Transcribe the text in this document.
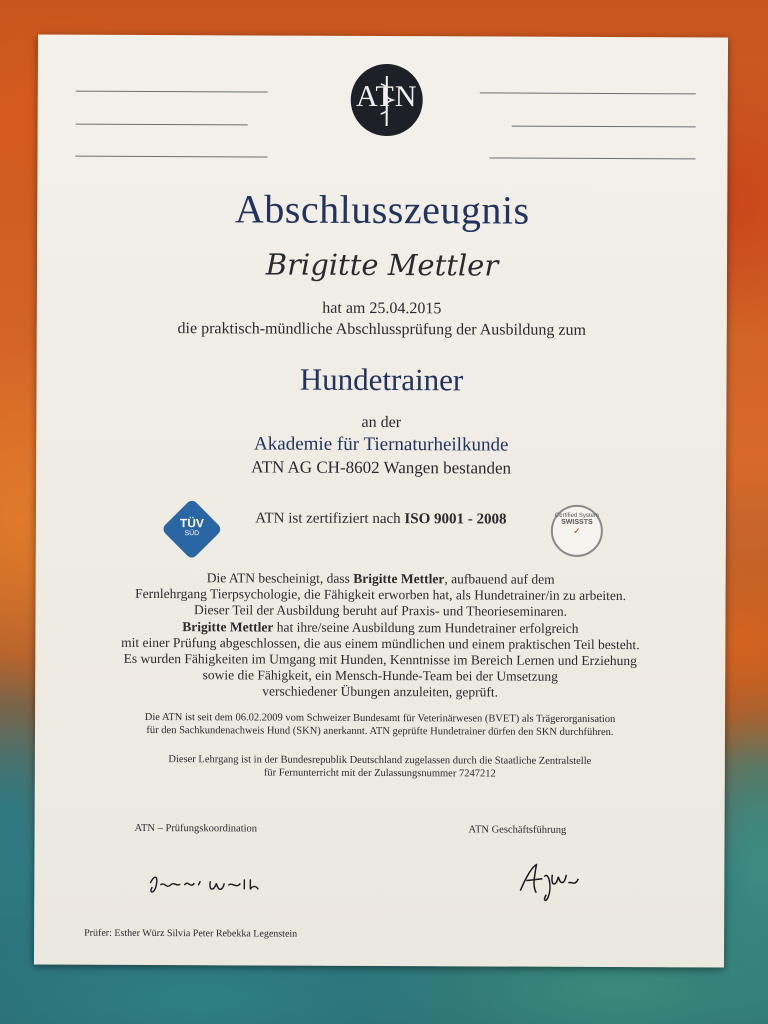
ATN
Abschlusszeugnis
Brigitte Mettler
hat am 25.04.2015
die praktisch-mündliche Abschlussprüfung der Ausbildung zum
Hundetrainer
an der
Akademie für Tiernaturheilkunde
ATN AG CH-8602 Wangen bestanden
TÜV
SÜD
ATN ist zertifiziert nach ISO 9001 - 2008	Certified System
SWISSTS
✓
Die ATN bescheinigt, dass Brigitte Mettler, aufbauend auf dem
Fernlehrgang Tierpsychologie, die Fähigkeit erworben hat, als Hundetrainer/in zu arbeiten.
Dieser Teil der Ausbildung beruht auf Praxis- und Theorieseminaren.
Brigitte Mettler hat ihre/seine Ausbildung zum Hundetrainer erfolgreich
mit einer Prüfung abgeschlossen, die aus einem mündlichen und einem praktischen Teil besteht.
Es wurden Fähigkeiten im Umgang mit Hunden, Kenntnisse im Bereich Lernen und Erziehung
sowie die Fähigkeit, ein Mensch-Hunde-Team bei der Umsetzung
verschiedener Übungen anzuleiten, geprüft.
Die ATN ist seit dem 06.02.2009 vom Schweizer Bundesamt für Veterinärwesen (BVET) als Trägerorganisation
für den Sachkundenachweis Hund (SKN) anerkannt. ATN geprüfte Hundetrainer dürfen den SKN durchführen.
Dieser Lehrgang ist in der Bundesrepublik Deutschland zugelassen durch die Staatliche Zentralstelle
für Fernunterricht mit der Zulassungsnummer 7247212
ATN – Prüfungskoordination	ATN Geschäftsführung
Prüfer: Esther Würz Silvia Peter Rebekka Legenstein
